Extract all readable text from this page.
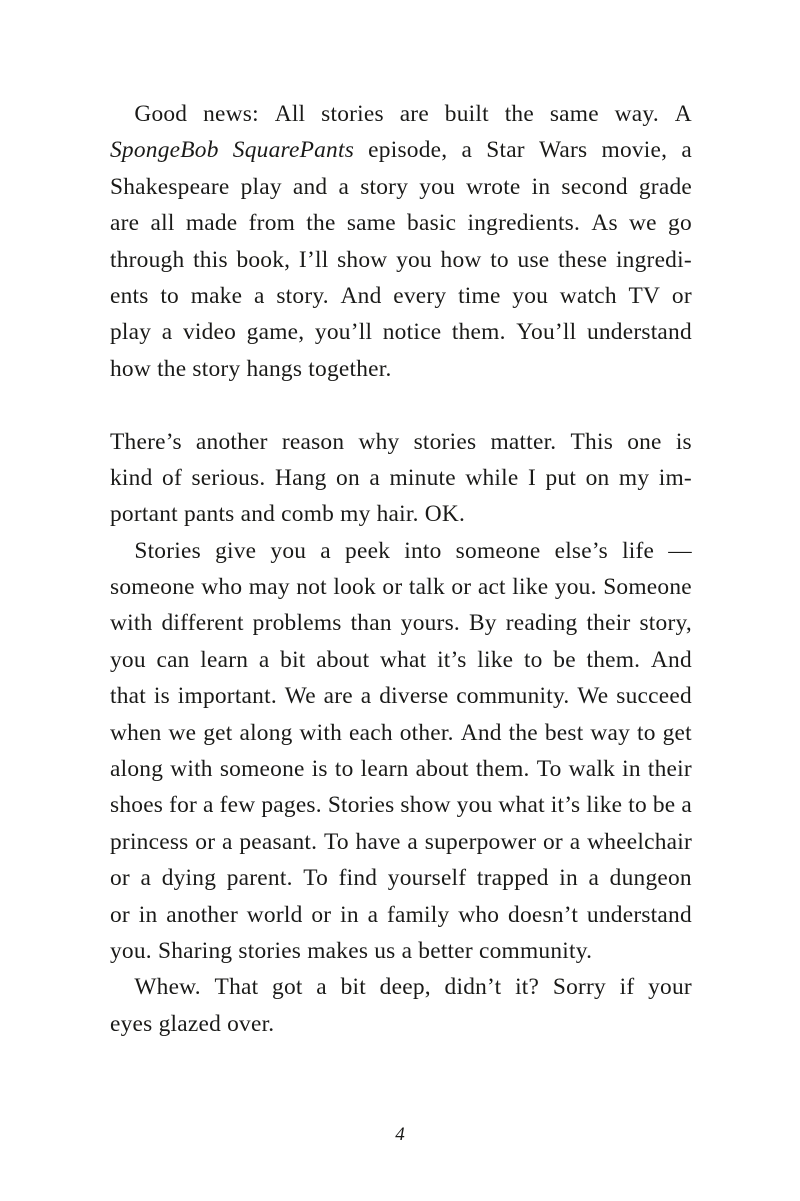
Good news: All stories are built the same way. A
SpongeBob SquarePants episode, a Star Wars movie, a
Shakespeare play and a story you wrote in second grade
are all made from the same basic ingredients. As we go
through this book, I’ll show you how to use these ingredi-
ents to make a story. And every time you watch TV or
play a video game, you’ll notice them. You’ll understand
how the story hangs together.
There’s another reason why stories matter. This one is
kind of serious. Hang on a minute while I put on my im-
portant pants and comb my hair. OK.
Stories give you a peek into someone else’s life —
someone who may not look or talk or act like you. Someone
with different problems than yours. By reading their story,
you can learn a bit about what it’s like to be them. And
that is important. We are a diverse community. We succeed
when we get along with each other. And the best way to get
along with someone is to learn about them. To walk in their
shoes for a few pages. Stories show you what it’s like to be a
princess or a peasant. To have a superpower or a wheelchair
or a dying parent. To find yourself trapped in a dungeon
or in another world or in a family who doesn’t understand
you. Sharing stories makes us a better community.
Whew. That got a bit deep, didn’t it? Sorry if your
eyes glazed over.
4
